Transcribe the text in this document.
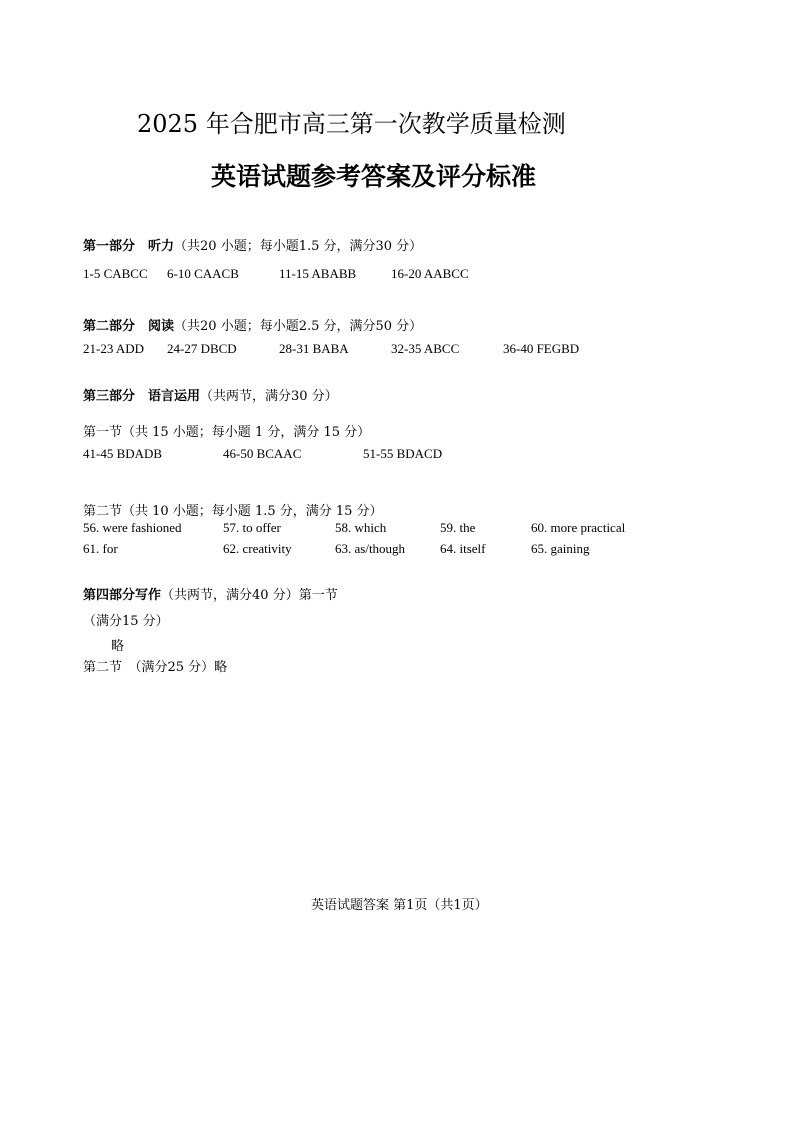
2025 年合肥市高三第一次教学质量检测
英语试题参考答案及评分标准
第一部分　听力（共20 小题；每小题1.5 分，满分30 分）
1-5 CABCC 6-10 CAACB	11-15 ABABB	16-20 AABCC
第二部分　阅读（共20 小题；每小题2.5 分，满分50 分）
21-23 ADD 24-27 DBCD	28-31 BABA	32-35 ABCC	36-40 FEGBD
第三部分　语言运用（共两节，满分30 分）
第一节（共 15 小题；每小题 1 分，满分 15 分）
41-45 BDADB	46-50 BCAAC	51-55 BDACD
第二节（共 10 小题；每小题 1.5 分，满分 15 分）
56. were fashioned	57. to offer	58. which	59. the	60. more practical
61. for	62. creativity	63. as/though	64. itself	65. gaining
第四部分写作（共两节，满分40 分）第一节
（满分15 分）
略
第二节　（满分25 分）略
英语试题答案 第1页（共1页）
